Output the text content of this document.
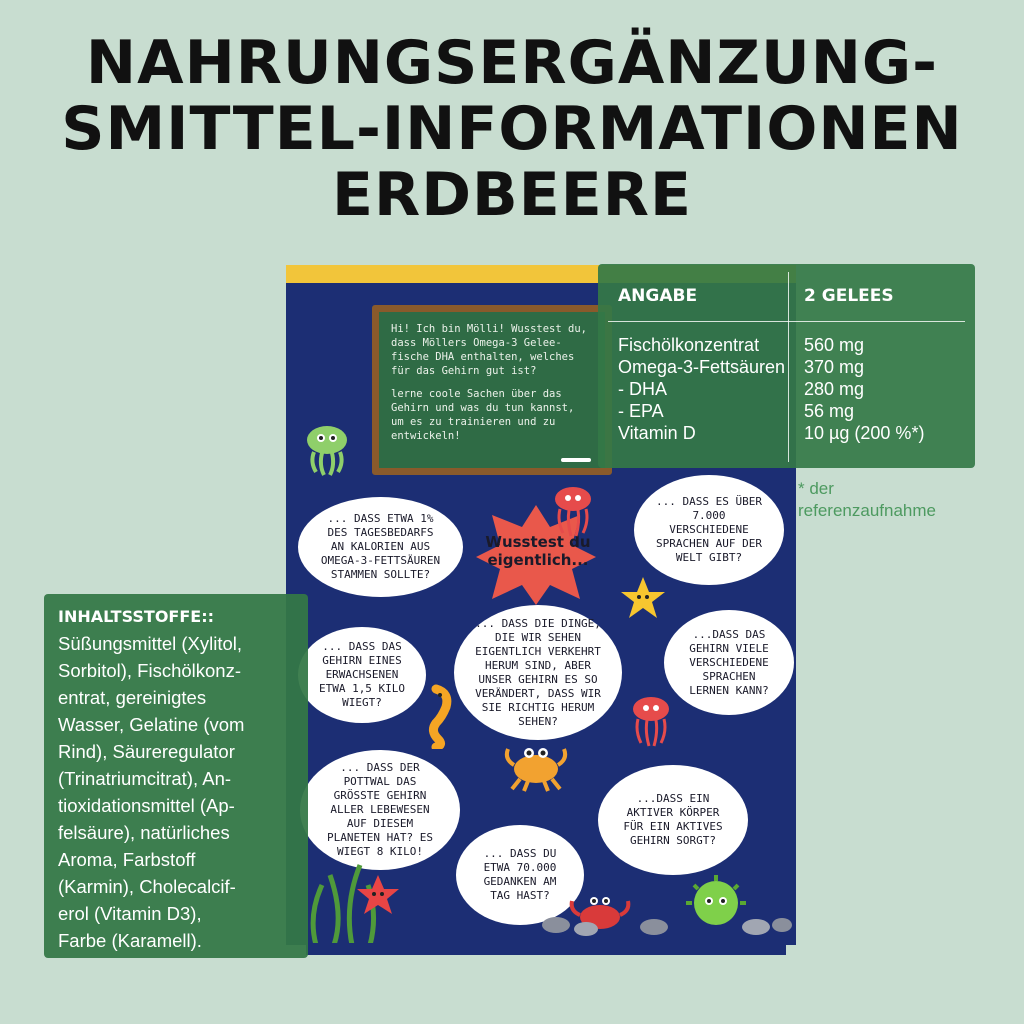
NAHRUNGSERGÄNZUNG-
SMITTEL-INFORMATIONEN
ERDBEERE

Hi! Ich bin Mölli! Wusstest du, dass Möllers Omega-3 Gelee-fische DHA enthalten, welches für das Gehirn gut ist?

lerne coole Sachen über das Gehirn und was du tun kannst, um es zu trainieren und zu entwickeln!

Wusstest du eigentlich...
... DASS ETWA 1% DES TAGESBEDARFS AN KALORIEN AUS OMEGA-3-FETTSÄUREN STAMMEN SOLLTE?
... DASS ES ÜBER 7.000 VERSCHIEDENE SPRACHEN AUF DER WELT GIBT?
... DASS DIE DINGE, DIE WIR SEHEN EIGENTLICH VERKEHRT HERUM SIND, ABER UNSER GEHIRN ES SO VERÄNDERT, DASS WIR SIE RICHTIG HERUM SEHEN?
... DASS DAS GEHIRN EINES ERWACHSENEN ETWA 1,5 KILO WIEGT?
...DASS DAS GEHIRN VIELE VERSCHIEDENE SPRACHEN LERNEN KANN?
... DASS DER POTTWAL DAS GRÖSSTE GEHIRN ALLER LEBEWESEN AUF DIESEM PLANETEN HAT? ES WIEGT 8 KILO!
...DASS EIN AKTIVER KÖRPER FÜR EIN AKTIVES GEHIRN SORGT?
... DASS DU ETWA 70.000 GEDANKEN AM TAG HAST?
ANGABE	2 GELEES
Fischölkonzentrat 560 mg
Omega-3-Fettsäuren 370 mg
- DHA	280 mg
- EPA	56 mg
Vitamin D	10 µg (200 %*)
* der
referenzaufnahme
INHALTSSTOFFE::
Süßungsmittel (Xylitol,
Sorbitol), Fischölkonz-
entrat, gereinigtes
Wasser, Gelatine (vom
Rind), Säureregulator
(Trinatriumcitrat), An-
tioxidationsmittel (Ap-
felsäure), natürliches
Aroma, Farbstoff
(Karmin), Cholecalcif-
erol (Vitamin D3),
Farbe (Karamell).
